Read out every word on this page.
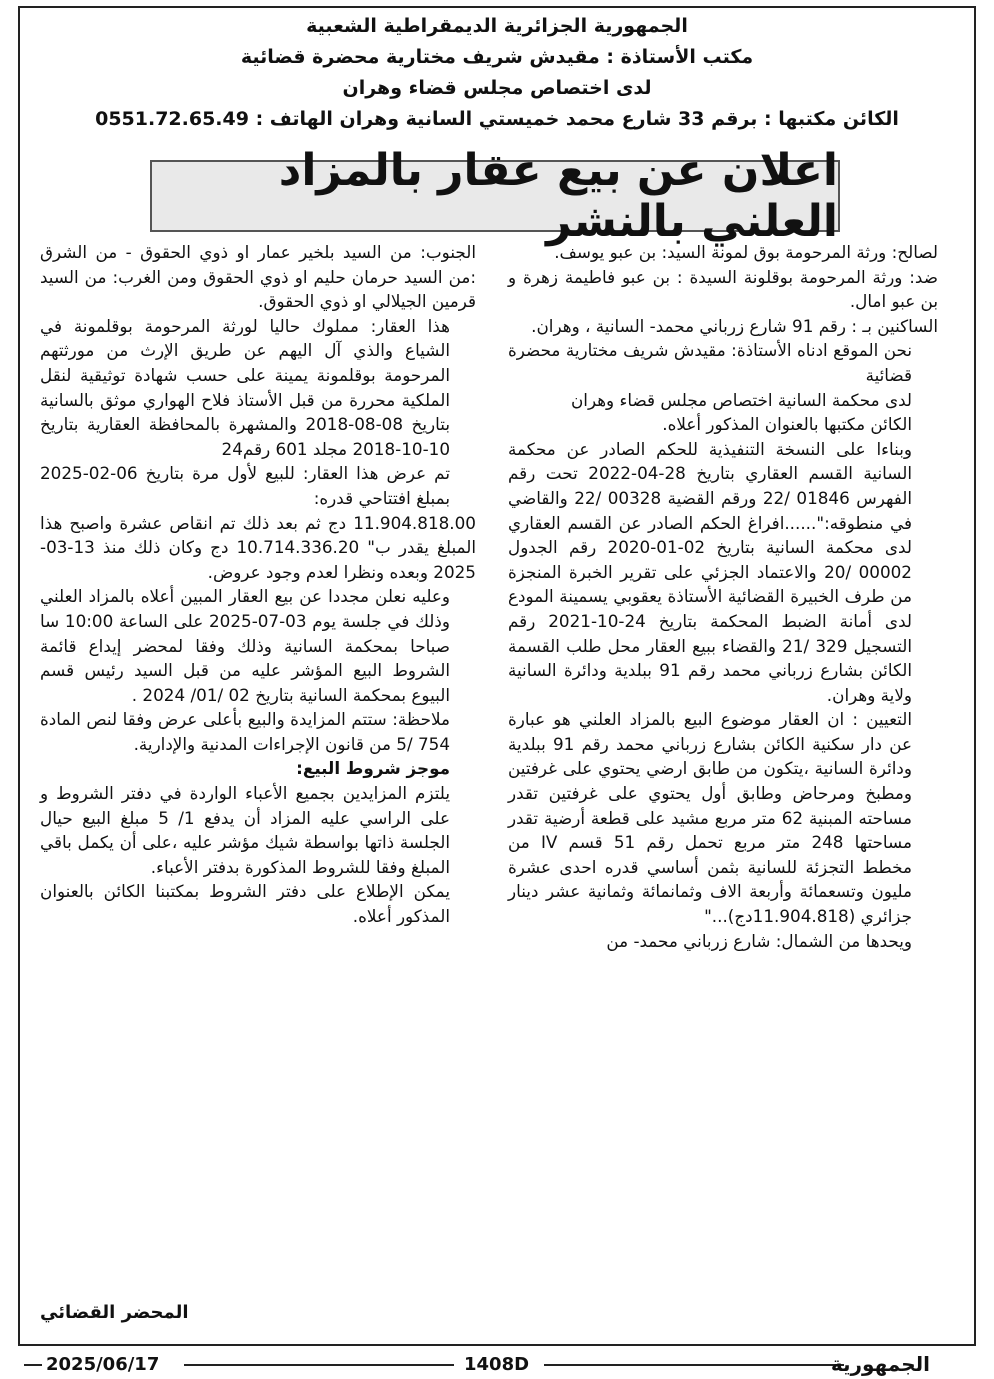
الجمهورية الجزائرية الديمقراطية الشعبية
مكتب الأستاذة : مقيدش شريف مختارية محضرة قضائية
لدى اختصاص مجلس قضاء وهران
الكائن مكتبها : برقم 33 شارع محمد خميستي السانية وهران الهاتف : 0551.72.65.49
اعلان عن بيع عقار بالمزاد العلني بالنشر

لصالح: ورثة المرحومة بوق لمونة السيد: بن عبو يوسف.

ضد: ورثة المرحومة بوقلونة السيدة : بن عبو فاطيمة زهرة و بن عبو امال.

الساكنين بـ : رقم 91 شارع زرباني محمد- السانية ، وهران.

نحن الموقع ادناه الأستاذة: مقيدش شريف مختارية محضرة قضائية

لدى محكمة السانية اختصاص مجلس قضاء وهران

الكائن مكتبها بالعنوان المذكور أعلاه.

وبناءا على النسخة التنفيذية للحكم الصادر عن محكمة السانية القسم العقاري بتاريخ 28-04-2022 تحت رقم الفهرس 01846 /22 ورقم القضية 00328 /22 والقاضي في منطوقه:"......افراغ الحكم الصادر عن القسم العقاري لدى محكمة السانية بتاريخ 02-01-2020 رقم الجدول 00002 /20 والاعتماد الجزئي على تقرير الخبرة المنجزة من طرف الخبيرة القضائية الأستاذة يعقوبي يسمينة المودع لدى أمانة الضبط المحكمة بتاريخ 24-10-2021 رقم التسجيل 329 /21 والقضاء ببيع العقار محل طلب القسمة الكائن بشارع زرباني محمد رقم 91 ببلدية ودائرة السانية ولاية وهران.

التعيين : ان العقار موضوع البيع بالمزاد العلني هو عبارة عن دار سكنية الكائن بشارع زرباني محمد رقم 91 ببلدية ودائرة السانية ،يتكون من طابق ارضي يحتوي على غرفتين ومطبخ ومرحاض وطابق أول يحتوي على غرفتين تقدر مساحته المبنية 62 متر مربع مشيد على قطعة أرضية تقدر مساحتها 248 متر مربع تحمل رقم 51 قسم IV من مخطط التجزئة للسانية بثمن أساسي قدره احدى عشرة مليون وتسعمائة وأربعة الاف وثمانمائة وثمانية عشر دينار جزائري (11.904.818دج)..."

ويحدها من الشمال: شارع زرباني محمد- من

الجنوب: من السيد بلخير عمار او ذوي الحقوق - من الشرق :من السيد حرمان حليم او ذوي الحقوق ومن الغرب: من السيد قرمين الجيلالي او ذوي الحقوق.

هذا العقار: مملوك حاليا لورثة المرحومة بوقلمونة في الشياع والذي آل اليهم عن طريق الإرث من مورثتهم المرحومة بوقلمونة يمينة على حسب شهادة توثيقية لنقل الملكية محررة من قبل الأستاذ فلاح الهواري موثق بالسانية بتاريخ 08-08-2018 والمشهرة بالمحافظة العقارية بتاريخ 10-10-2018 مجلد 601 رقم24

تم عرض هذا العقار: للبيع لأول مرة بتاريخ 06-02-2025 بمبلغ افتتاحي قدره:

11.904.818.00 دج ثم بعد ذلك تم انقاص عشرة واصبح هذا المبلغ يقدر ب" 10.714.336.20 دج وكان ذلك منذ 13-03-2025 وبعده ونظرا لعدم وجود عروض.

وعليه نعلن مجددا عن بيع العقار المبين أعلاه بالمزاد العلني وذلك في جلسة يوم 03-07-2025 على الساعة 10:00 سا صباحا بمحكمة السانية وذلك وفقا لمحضر إيداع قائمة الشروط البيع المؤشر عليه من قبل السيد رئيس قسم البيوع بمحكمة السانية بتاريخ 02 /01/ 2024 .

ملاحظة: ستتم المزايدة والبيع بأعلى عرض وفقا لنص المادة 754 /5 من قانون الإجراءات المدنية والإدارية.

موجز شروط البيع:

يلتزم المزايدين بجميع الأعباء الواردة في دفتر الشروط و على الراسي عليه المزاد أن يدفع 1/ 5 مبلغ البيع حيال الجلسة ذاتها بواسطة شيك مؤشر عليه ،على أن يكمل باقي المبلغ وفقا للشروط المذكورة بدفتر الأعباء.

يمكن الإطلاع على دفتر الشروط بمكتبنا الكائن بالعنوان المذكور أعلاه.

المحضر القضائي
2025/06/17	1408D	الجمهورية
